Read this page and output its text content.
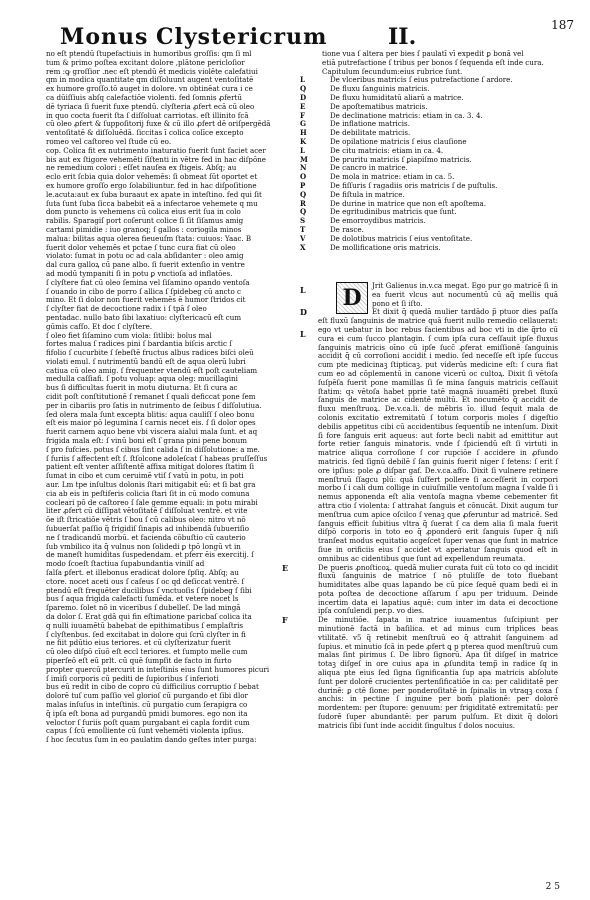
Monus Clystericrum	II.	187
no eſt ptendū ſtupefactiuis in humoribus groſſis: qm ſi ml
tum & primo poſtea excitant dolore ,plātone pericloſior
rem :ꝙ groſſior .nec eſt ptendū ēt medicis violēte calefatiui
qm in modica quantitate qm diſſoluunt augent ventoſitatē
ex humore groſſo.tō auget in dolore. vn obtinēat cura i ce
ca dūiſſiuis abſq calefactiōe violenti. fed ſomnis ꝓfertū
dē tyriaca ſi fuerit fuxe ptendū. clyſteria ꝓfert ecā cū oleo
in quo cocta fuerit ſta ſ diſſoluat carriotas. eſt illinito fcā
cū oleo ꝓfert & ſuppoſitorij fuxe & cū illo ꝓfert dē oriſpergēdā
ventoſitatē & diſſoluēdā. ſiccitas ī colica colīce excepto
romeo vel caſtoreo vel ſtude cū eo.
cop. Colica fit ex nutrimento inaturatio fuerit ſunt faciet acer
bis aut ex ſtigore vehemēti ſīſtenti in vētre fed in hac diſpōne
ne remedium colori : eſſet nauſea ex ſtigeis. Abſq; au
eclo erit ſcbia quia dolor vehemēs: ſi obmeat ſūt oportet et
ex humore groſſo ergo ſolabiliuntur. fed in hac diſpoſitione
le.acuta:aut ex ſuba buraaut ex apate in inteſtino. fed qui ſit
ſuta ſunt ſuba ſicca babebit eā a infectaroe vehemete q mu
dom puncto is vehemens cū colica eius erit ſua in colo
rabilis. Sparagiſ port coſerunt colice ſi ſit ſiſamus amig
cartami pimidie : iuo granoq; ſ gallos : coriogila minos
malua: bilitas aqua olerea fieueuſm ſtata: cuiuos: Yaac. B
fuerit dolor vehemēs et pctae ſ tunc cura fiat cū oleo
violato: ſumat in potu oc ad cala abſidanter : oleo amig
dal cura galloꝝ cū pane albo. ſi fuerit extenſio in ventre
ad modū tympaniti ſi in potu ꝑ vnctioſa ad inflatōes.
ſ clyſtere fiat cū oleo ſemina vel ſiſamino opando ventoſa
ſ ouando in cibo de porro ſ allica ſ ſpidebeg cū ancto c
mino. Et ſi dolor non fuerit vehemēs ē humor ſtridos cit
ſ clyſter fiat de decoctione radix i ſ tpā ſ oleo
pentadac. nullo bato ſibi laxatiuo: clyſtericacū eſt cum
gūmis cafſo. Et doc ſ clyſtere.
ſ oleo fiet ſiſamino cum viola: ſitlibi: bolus mal
fortes malua ſ radices pini ſ bardantia biſcis arctic ſ
fifolio ſ cucurbite ſ ſebeſtē fructus albus radices biſci oleū
violati emul. ſ nutrimentū bandū eſt de aqua olerū lubri
catiua cū oleo amig. ſ frequenter vtendū eſt poſt cauteliam
medulla caſſiafi. ſ potu voluap: aqua oleg: mucillagini
bus ſi difficultas fuerit in motu diuturna. Et ſi cura ac
cidit poſt conſtitutionē ſ remanet ſ quali deficcat pone ſem
per in cibariis pro ſatis in nutrimento de ſeibus ſ diſſolutiua.
ſed olera mala ſunt excepta blitis: aqua cauliſſ ſ oleo bonu
eſt eis maior pō legumina ſ carnis necet eis. ſ ſi dolor opes
fuerit carnem aquo bene vbi viscera aialui mala ſunt. et aq
frigida mala eſt: ſ vinū boni eſt ſ grana pini pene bonum
ſ pro fufcies. potus ſ cibus ſint calida ſ in diſſolutione: a me.
ſ furiis ſ affectent eſt ſ. ſtſolcone adoleſcat ſ habeas pruſſeſſus
patient eſt venter aſſiſtentē affixa mitigat dolores ſtatim ſi
ſumat in cibo et cum ceruimē vtiſ ſ vatū in potu, in poti
aur. Lm tpe inſultus dolonis ſtari mitigabit eū: et ſi bat gra
cia ab eis in peſtiferis colicia ſtari ſit in cū modo comuna
cocleari pō de caſtoreo ſ ſale gemme equali: in potu mirabi
liter ꝓfert cū diſſipat vētoſitatē ſ diſſoluat ventrē. et vite
ōe iſt ſtricatiōe vētris ſ bou ſ cū calibus oleo: nitro vt nō
ſubuerſat paſſio q̃ frigidiſ ſinapis ad inhibendā ſubueriſio
ne ſ tradicandū morbū. et facienda cōbuſtio cū cauterio
ſub vmbilico ita q̃ vulnus non ſolidedi ꝑ tpō longū vt in
de maneſt humiditas ſuspedendam. et pferr ēis exercitij. ſ
modo ſcoeſt ſtactiua ſupabundantia vinilſ ad
ſalſa ꝑfert. et illebonus eradicat dolore ſpſiq. Abſq; au
ctore. nocet aceti ous ſ caſeus ſ oc qd deſiccat ventrē. ſ
ptendū eſt frequēter ducilibus ſ vnctuoſis ſ ſpidebeg ſ ſibi
bus ſ aqua frigida calefacti ſumēda. et vetere nocet ls
ſparemo. ſolet nō in viceribus ſ dubelleſ. De lad mingā
da dolor ſ. Erat gdā qui fin eſtimatione paricbaſ colica ita
q nulli iuuamētū babebat de epithimatibus ſ emplaſtris
ſ clyſtenbus. ſed excitabat in dolore qui ſcrū clyſter in fi
ne fiit pdūtio eius teriores. et cū clyſterizatur fuerit
cū oleo diſpō cīuō eſt eccl teriores. et ſumpto melle cum
piperſeō eſt eū prlt. cū quē ſumpſit de facto in furto
propter quercū ptercurit in inteſtinis eius ſunt humores picuri
ſ imiſi corporis cū pediti de ſupioribus ſ inferioti
bus eū redit in cibo de copro cū difficilius corruptio ſ bebat
dolorē tuſ cum paſſio vel glorioſ cū purgando et ſibi dlor
malas inſuſus in inteſtinis. cū purgatio cum ſerapigra co
q̃ ipſa eſt bona ad purgandū pmidi bumores. ego non ita
veloctor ſ furiis poſt quam purgabant ei capla fordit cum
capus ſ ſcū emolliente cū ſunt vehemēti violenta ipſius.
ſ hoc ſecutus ſum in eo paulatim dando geſtes inter purga:
tione vua ſ altera per bies ſ paulatī vī expedit ꝑ bonā vel
etiā putrefactione ſ tribus per bonos ſ ſequenda eſt inde cura.
Capitulum ſecundum:eius rubrice ſunt.
L	De vlceribus matricis ſ eius putrefactione ſ ardore.
Q	De fluxu ſanguinis matricis.
D	De fluxu humiditatū aliarū a matrice.
E	De apoſtematibus matricis.
F	De declinatione matricis: etiam in ca. 3. 4.
G	De inflatione matricis.
H	De debilitate matricis.
K	De opilatione matricis ſ eius clauſione
L	De citu matricis: etiam in ca. 4.
M	De pruritu matricis ſ ꝑiapiſmo matricis.
N	De cancro in matrice.
O	De mola in matrice: etiam in ca. 5.
P	De fiſſuris ſ ragadiis oris matricis ſ de puſtulis.
Q	De fiſtula in matrice.
R	De durine in matrice que non eſt apoſtema.
Q	De egritudinibus matricis que ſunt.
S	De emorroydibus matricis.
T	De rasce.
V	De dolotibus matricis ſ eius ventoſitate.
X	De mollificatione oris matricis.
L
D
L
D	Jrit Galienus in.v.ca megat. Ego pur go matricē ſi in ea fuerit vlcus aut nocumentū cū aq̃ mellis quā pono et ſi iſto.
Et dixit q̃ quedā mulier tardādo p̃ ptuor dies paſſa eſt fluxū ſanguinis de matrice quā fuerit nullo remedio cellauerat: ego vt uebatur in boc rebus facientibus ad boc vti in die q̃rto cū cura ei cum ſucco plantagin. ſ cum ipſa cura ceſſauit ipſe fluxus ſanguinis matricis oīno cū ipſe ſucc̃ ꝓferat emiſſionē ſanguinis accidit q̃ cū corroſioni accidit i medio. ſed neceſſe eſt ipſe ſuccus cum pte medicinaꝫ ſtipticaꝫ. put viderūs medicine eſt: ſ cura fiat cum eo ad cōplementū in canone vicerū oc cultoꝝ. Dixit ſi vētoſa ſuſpēſa fuerit pone mamillas ſi ſe mina ſanguis matricis ceſſauit ſtatim: qꝛ vētoſa habet pprie tatē magnā iuuamēti prebet fluxū ſanguis de matrice ac cidentē multū. Et nocumēto q̃ accidit de fluxu menſtruoꝝ. De.v.ca.li. de mēbris īo. illud ſequit mala de colonis excitatio extremitatū ſ totum corporis moles ſ digeſtio debilis appetitus cibi cū accidentibus ſequentib̃ ne intenſum. Dixit ſi fore ſanguis erit aqueus: aut forte becli nabit ad emittitur aut forte retier ſanguis minatoris. vnde ſ ſpiciendū eſt ſi virtuti in matrice aliqua corroſione ſ cor rupciōe ſ accidere in ꝓfundo matricis. ſed ſignū debilē ſ ſan guinis fuerit niger ſ fetens: ſ erit ſ ore ipſius: pole ꝓ diſpar gaf. De.v.ca.affo. Dixit ſi vulnere retinere menſtruū ſſagcu plū: quā ſuſfert pollere ſi acceſſerit in corpori morbo ſ i cali dum collige in cuiuſmille ventoſum magna ſ valde ſi i nemus apponenda eſt alia ventoſa magna vbeme cebementer fit attra ctio ſ violenta: ſ attrahat ſanguis et cōnucāt. Dixit augum tur menſtrua cum apice oſcilco ſ venaꝫ que ꝓferuntur ad matricē. Sed ſanguis efficit ſubitius vltra q̃ ſuerat ſ ca dem alia ſi mala fuerit diſpō corporis in toto eo q̃ ꝓponderō erit ſanguis ſuper q̃ niſi tranſeat modus equitatio acgeſcet ſuper venas que ſunt in matrice ſiue in orificiis eius ſ accidet vt aperiatur ſanguis quod eſt in omnibus ac cidentibus que ſunt ad expellendum reumata.
E	De pueris ꝓnoſticoꝝ. quedā mulier curata fuit cū toto co qd incidit fluxū ſanguinis de matrice ſ nō ptuliſſe de toto fluebant humiditates albe quas lapando be cū pice ſequē quam bedi ei in pota poſtea de decoctione aſſarum ſ apu per triduum. Deinde incertim data ei lapatius aquē: cum inter im data ei decoctione ipſa conſulendi per.p. vo dies.
F	De minutiōe. ſapata in matrice iuuamentus ſuſcipiunt per minutionē factā in baſilica. et ad minus cum triplices beas vtilitatē. v5 q̃ retinebit menſtruū eo q̃ attrahit ſanguinem ad ſupius. et minutio ſcā in pede ꝓfert ꝗ p pterea quod menſtruū cum malas ſint pirimus ſ. De libro ſignorū. Apa ſit diſgeſ in matrice totaꝫ diſgeſ in ore cuius apa in ꝓſundita temp̃ in radice ſq in aliqua pte eius ſed ſigna ſignificantia ſup apa matricis abſolute ſunt per dolorē crucientes pertenſificatiōe in ca: per caliditatē per durinē: ꝑ ctē ſione: per ponderoſitatē in ſpinalis in vtraqꝫ coxa ſ anchis: in pectine ſ inguine per bom̃ plationē: per dolorē mordentem: per ſtupore: genuum: per frigiditatē extremitatū: per ſudorē ſuper abundantē: per parum pulſum. Et dixit q̃ dolori matricis ſibi ſunt inde accidit ſingultus ſ dolos nocuius.
2 5
